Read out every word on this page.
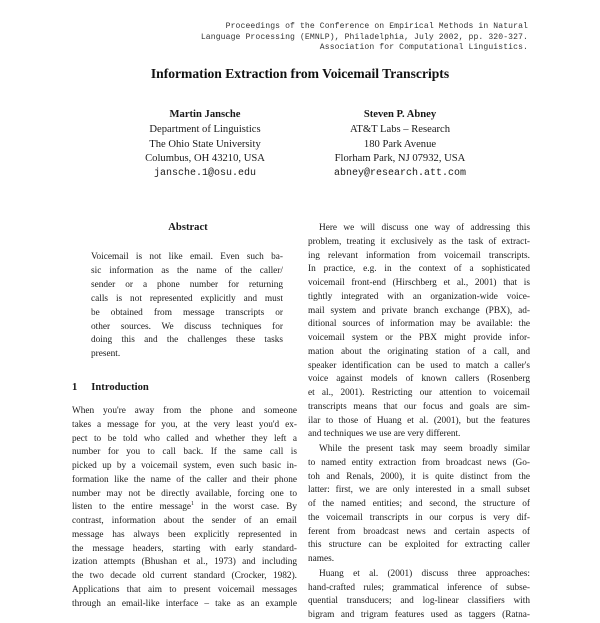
Proceedings of the Conference on Empirical Methods in Natural
Language Processing (EMNLP), Philadelphia, July 2002, pp. 320-327.
Association for Computational Linguistics.
Information Extraction from Voicemail Transcripts
Martin Jansche
Department of Linguistics
The Ohio State University
Columbus, OH 43210, USA
jansche.1@osu.edu
Steven P. Abney
AT&T Labs – Research
180 Park Avenue
Florham Park, NJ 07932, USA
abney@research.att.com
Abstract
Voicemail is not like email. Even such ba-
sic information as the name of the caller/
sender or a phone number for returning
calls is not represented explicitly and must
be obtained from message transcripts or
other sources. We discuss techniques for
doing this and the challenges these tasks
present.
1 Introduction
When you're away from the phone and someone
takes a message for you, at the very least you'd ex-
pect to be told who called and whether they left a
number for you to call back. If the same call is
picked up by a voicemail system, even such basic in-
formation like the name of the caller and their phone
number may not be directly available, forcing one to
listen to the entire message$^1$ in the worst case. By
contrast, information about the sender of an email
message has always been explicitly represented in
the message headers, starting with early standard-
ization attempts (Bhushan et al., 1973) and including
the two decade old current standard (Crocker, 1982).
Applications that aim to present voicemail messages
through an email-like interface – take as an example
Here we will discuss one way of addressing this
problem, treating it exclusively as the task of extract-
ing relevant information from voicemail transcripts.
In practice, e.g. in the context of a sophisticated
voicemail front-end (Hirschberg et al., 2001) that is
tightly integrated with an organization-wide voice-
mail system and private branch exchange (PBX), ad-
ditional sources of information may be available: the
voicemail system or the PBX might provide infor-
mation about the originating station of a call, and
speaker identification can be used to match a caller's
voice against models of known callers (Rosenberg
et al., 2001). Restricting our attention to voicemail
transcripts means that our focus and goals are sim-
ilar to those of Huang et al. (2001), but the features
and techniques we use are very different.
While the present task may seem broadly similar
to named entity extraction from broadcast news (Go-
toh and Renals, 2000), it is quite distinct from the
latter: first, we are only interested in a small subset
of the named entities; and second, the structure of
the voicemail transcripts in our corpus is very dif-
ferent from broadcast news and certain aspects of
this structure can be exploited for extracting caller
names.
Huang et al. (2001) discuss three approaches:
hand-crafted rules; grammatical inference of subse-
quential transducers; and log-linear classifiers with
bigram and trigram features used as taggers (Ratna-
